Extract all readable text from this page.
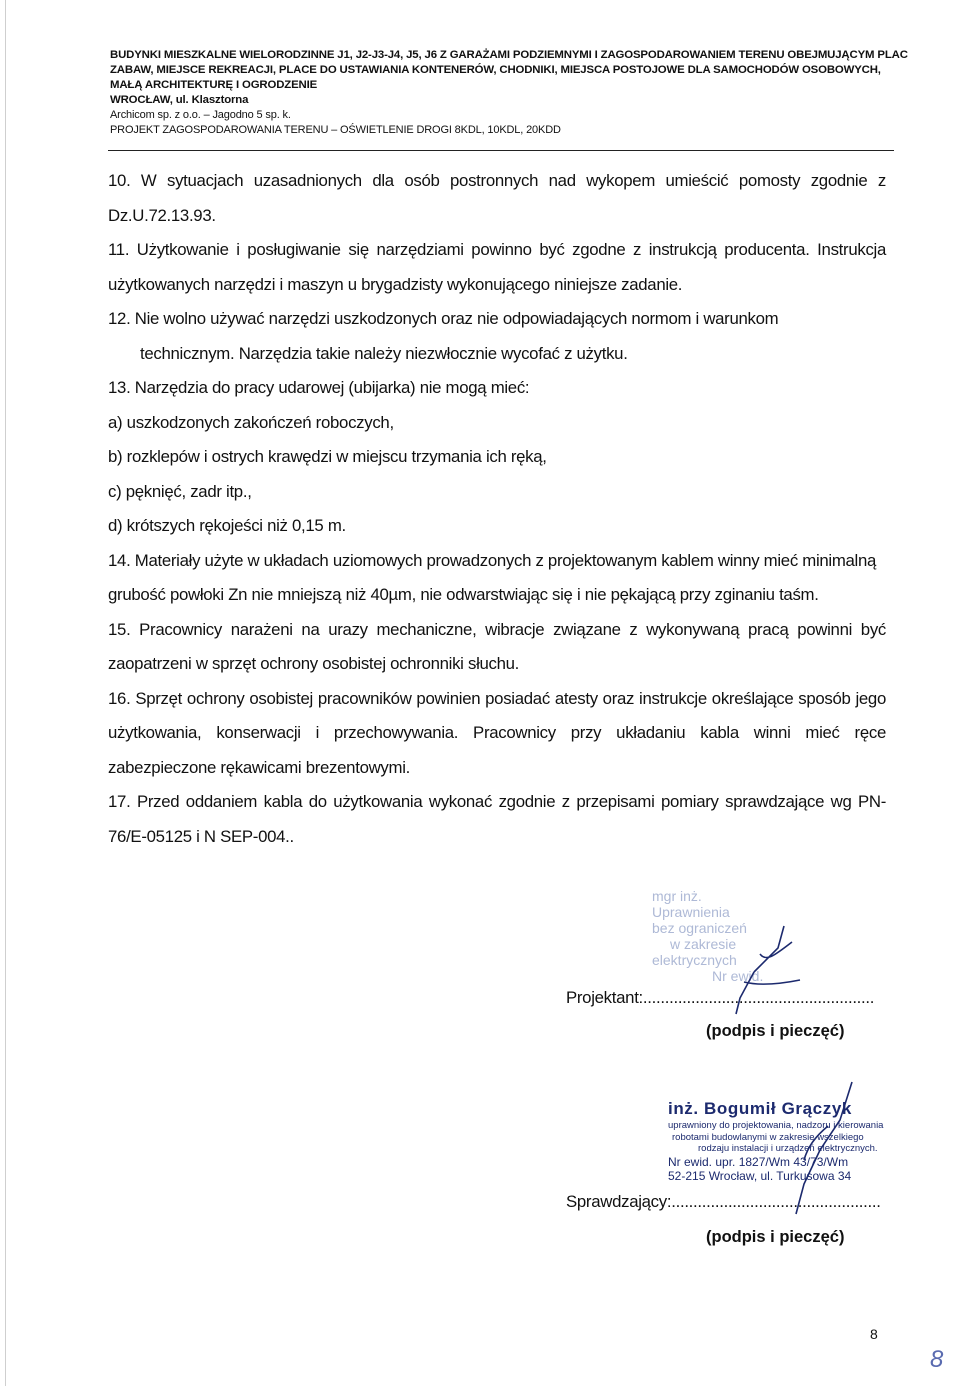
BUDYNKI MIESZKALNE WIELORODZINNE J1, J2-J3-J4, J5, J6 Z GARAŻAMI PODZIEMNYMI I ZAGOSPODAROWANIEM TERENU OBEJMUJĄCYM PLAC
ZABAW, MIEJSCE REKREACJI, PLACE DO USTAWIANIA KONTENERÓW, CHODNIKI, MIEJSCA POSTOJOWE DLA SAMOCHODÓW OSOBOWYCH,
MAŁĄ ARCHITEKTURĘ I OGRODZENIE
WROCŁAW, ul. Klasztorna
Archicom sp. z o.o. – Jagodno 5 sp. k.
PROJEKT ZAGOSPODAROWANIA TERENU – OŚWIETLENIE DROGI 8KDL, 10KDL, 20KDD
10. W sytuacjach uzasadnionych dla osób postronnych nad wykopem umieścić pomosty zgodnie z Dz.U.72.13.93.
11. Użytkowanie i posługiwanie się narzędziami powinno być zgodne z instrukcją producenta. Instrukcja użytkowanych narzędzi i maszyn u brygadzisty wykonującego niniejsze zadanie.
12. Nie wolno używać narzędzi uszkodzonych oraz nie odpowiadających normom i warunkom
technicznym. Narzędzia takie należy niezwłocznie wycofać z użytku.
13. Narzędzia do pracy udarowej (ubijarka) nie mogą mieć:
a) uszkodzonych zakończeń roboczych,
b) rozklepów i ostrych krawędzi w miejscu trzymania ich ręką,
c) pęknięć, zadr itp.,
d) krótszych rękojeści niż 0,15 m.
14. Materiały użyte w układach uziomowych prowadzonych z projektowanym kablem winny mieć minimalną grubość powłoki Zn nie mniejszą niż 40µm, nie odwarstwiając się i nie pękającą przy zginaniu taśm.
15. Pracownicy narażeni na urazy mechaniczne, wibracje związane z wykonywaną pracą powinni być zaopatrzeni w sprzęt ochrony osobistej ochronniki słuchu.
16. Sprzęt ochrony osobistej pracowników powinien posiadać atesty oraz instrukcje określające sposób jego użytkowania, konserwacji i przechowywania. Pracownicy przy układaniu kabla winni mieć ręce zabezpieczone rękawicami brezentowymi.
17. Przed oddaniem kabla do użytkowania wykonać zgodnie z przepisami pomiary sprawdzające wg PN-76/E-05125 i N SEP-004..
mgr inż.
Uprawnienia
bez ograniczeń
w zakresie
elektrycznych
Nr ewid.
Projektant:.....................................................
(podpis i pieczęć)
inż. Bogumił Grączyk
uprawniony do projektowania, nadzoru i kierowania
robotami budowlanymi w zakresie wszelkiego
rodzaju instalacji i urządzeń elektrycznych.
Nr ewid. upr. 1827/Wm 43/73/Wm
52-215 Wrocław, ul. Turkusowa 34
Sprawdzający:................................................
(podpis i pieczęć)
8
8
